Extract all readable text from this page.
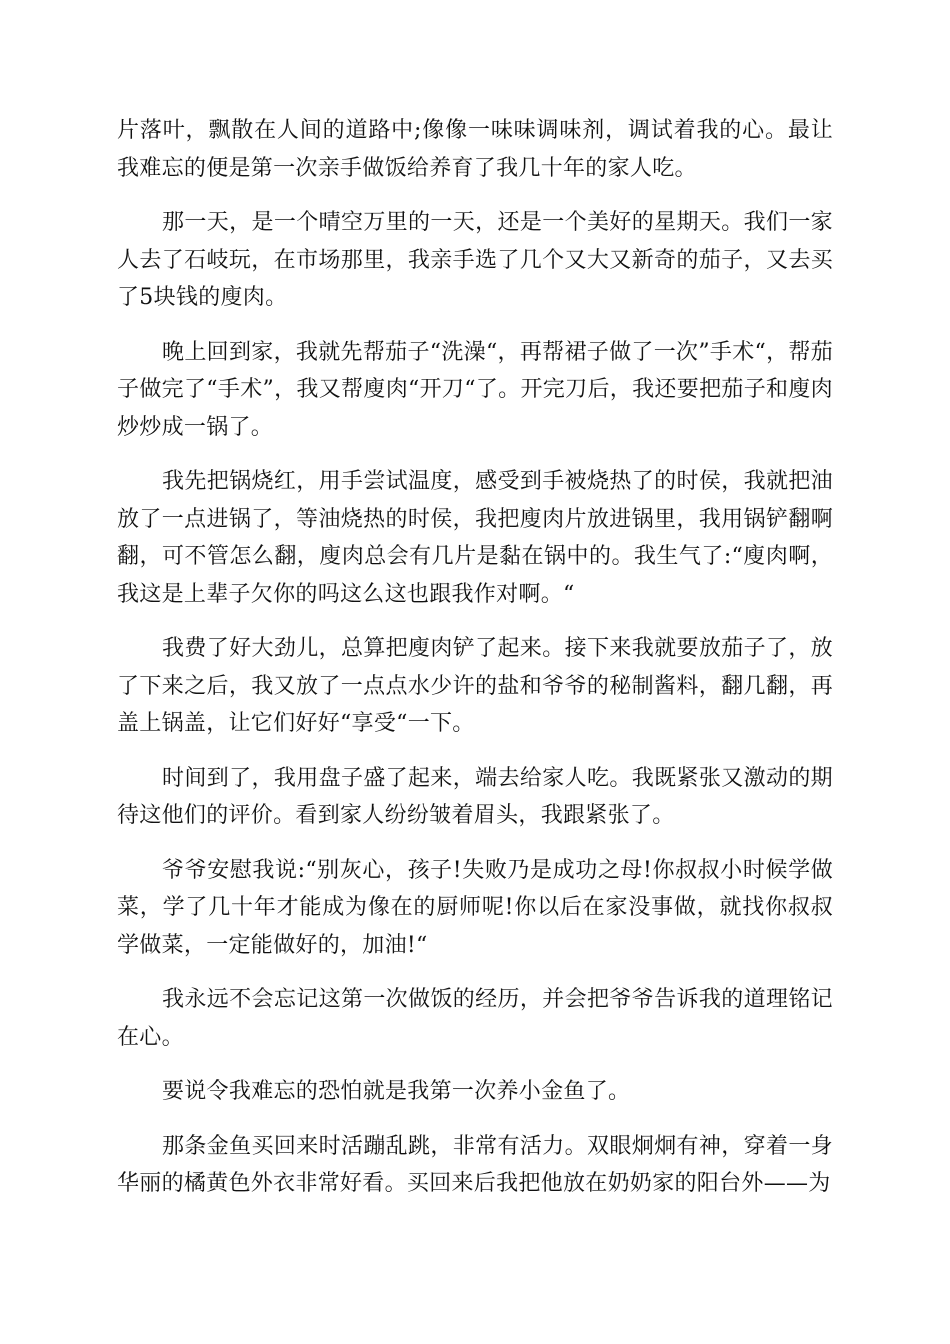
片落叶，飘散在人间的道路中;像像一味味调味剂，调试着我的心。最让我难忘的便是第一次亲手做饭给养育了我几十年的家人吃。

那一天，是一个晴空万里的一天，还是一个美好的星期天。我们一家人去了石岐玩，在市场那里，我亲手选了几个又大又新奇的茄子，又去买了5块钱的廋肉。

晚上回到家，我就先帮茄子“洗澡“，再帮裙子做了一次”手术“，帮茄子做完了“手术”，我又帮廋肉“开刀“了。开完刀后，我还要把茄子和廋肉炒炒成一锅了。

我先把锅烧红，用手尝试温度，感受到手被烧热了的时侯，我就把油放了一点进锅了，等油烧热的时侯，我把廋肉片放进锅里，我用锅铲翻啊翻，可不管怎么翻，廋肉总会有几片是黏在锅中的。我生气了:“廋肉啊，我这是上辈子欠你的吗这么这也跟我作对啊。“

我费了好大劲儿，总算把廋肉铲了起来。接下来我就要放茄子了，放了下来之后，我又放了一点点水少许的盐和爷爷的秘制酱料，翻几翻，再盖上锅盖，让它们好好“享受“一下。

时间到了，我用盘子盛了起来，端去给家人吃。我既紧张又激动的期待这他们的评价。看到家人纷纷皱着眉头，我跟紧张了。

爷爷安慰我说:“别灰心，孩子!失败乃是成功之母!你叔叔小时候学做菜，学了几十年才能成为像在的厨师呢!你以后在家没事做，就找你叔叔学做菜，一定能做好的，加油!“

我永远不会忘记这第一次做饭的经历，并会把爷爷告诉我的道理铭记在心。

要说令我难忘的恐怕就是我第一次养小金鱼了。

那条金鱼买回来时活蹦乱跳，非常有活力。双眼炯炯有神，穿着一身华丽的橘黄色外衣非常好看。买回来后我把他放在奶奶家的阳台外——为
